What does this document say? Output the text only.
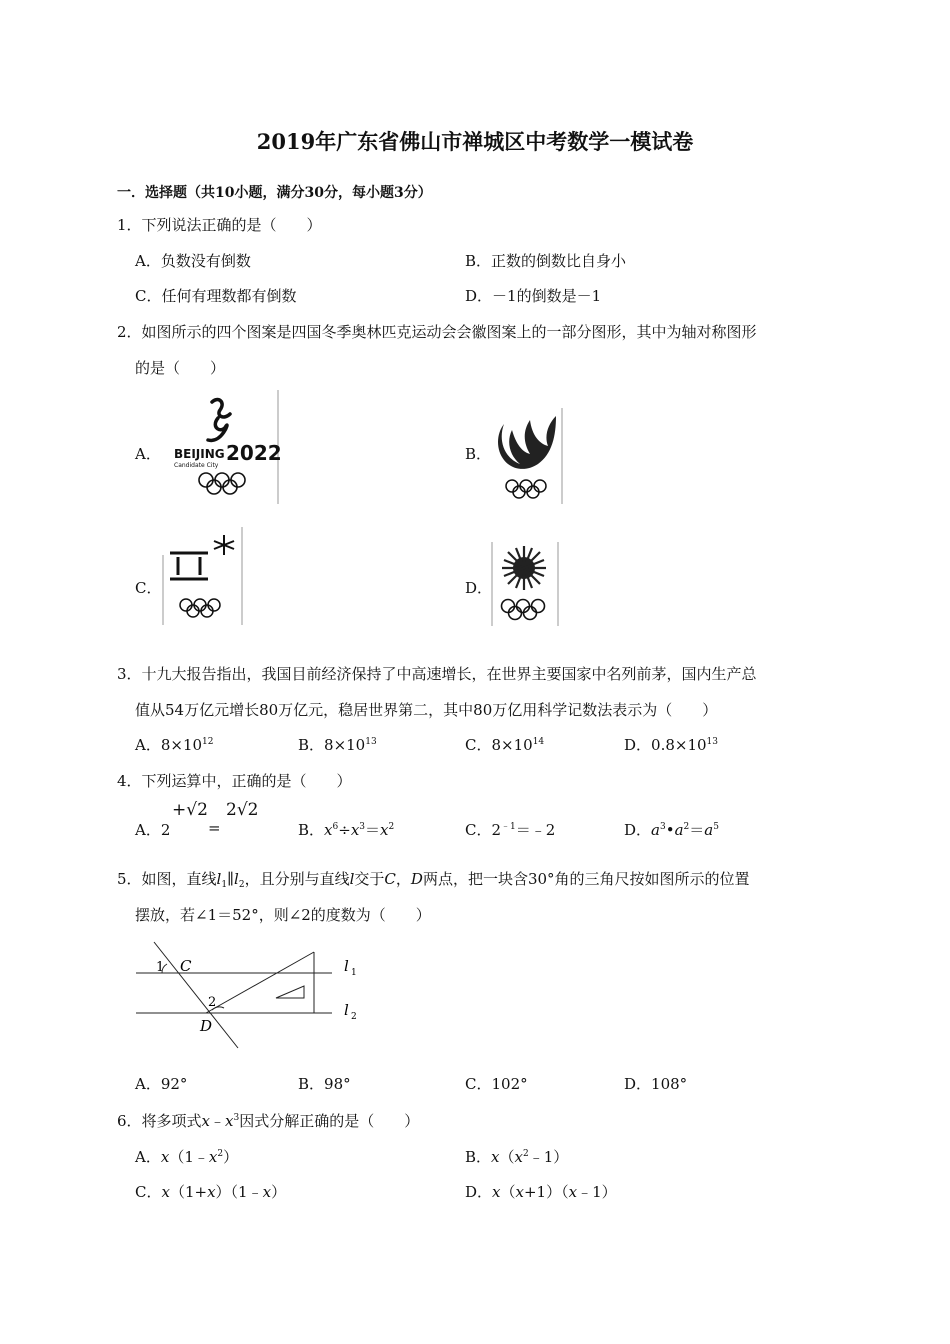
2019年广东省佛山市禅城区中考数学一模试卷
一．选择题（共10小题，满分30分，每小题3分）
1．下列说法正确的是（　　）
A．负数没有倒数	B．正数的倒数比自身小
C．任何有理数都有倒数	D．－1的倒数是－1
2．如图所示的四个图案是四国冬季奥林匹克运动会会徽图案上的一部分图形，其中为轴对称图形
的是（　　）
A． BEIJING 2022
Candidate City
B．
C．	D．
3．十九大报告指出，我国目前经济保持了中高速增长，在世界主要国家中名列前茅，国内生产总
值从54万亿元增长80万亿元，稳居世界第二，其中80万亿用科学记数法表示为（　　）
A．$8\times 10^{12}$	B．$8\times 10^{13}$	C．$8\times 10^{14}$	D．$0.8\times 10^{13}$
4．下列运算中，正确的是（　　）
A．2
+√2
=
2√2
B．$x^6\div x^3=x^2$	C．$2^{﹣1}=﹣2$	D．$a^3•a^2=a^5$
5．如图，直线$l_1\parallel l_2$，且分别与直线l交于C，D两点，把一块含30°角的三角尺按如图所示的位置
摆放，若∠1＝52°，则∠2的度数为（　　）
1 C
2
D
l 1
l 2
A．92°	B．98°	C．102°	D．108°
6．将多项式$x﹣x^3$因式分解正确的是（　　）
A．$x(1﹣x^2)$	B．$x(x^2﹣1)$
C．x（1+x）（1﹣x）	D．x（x+1）（x﹣1）
